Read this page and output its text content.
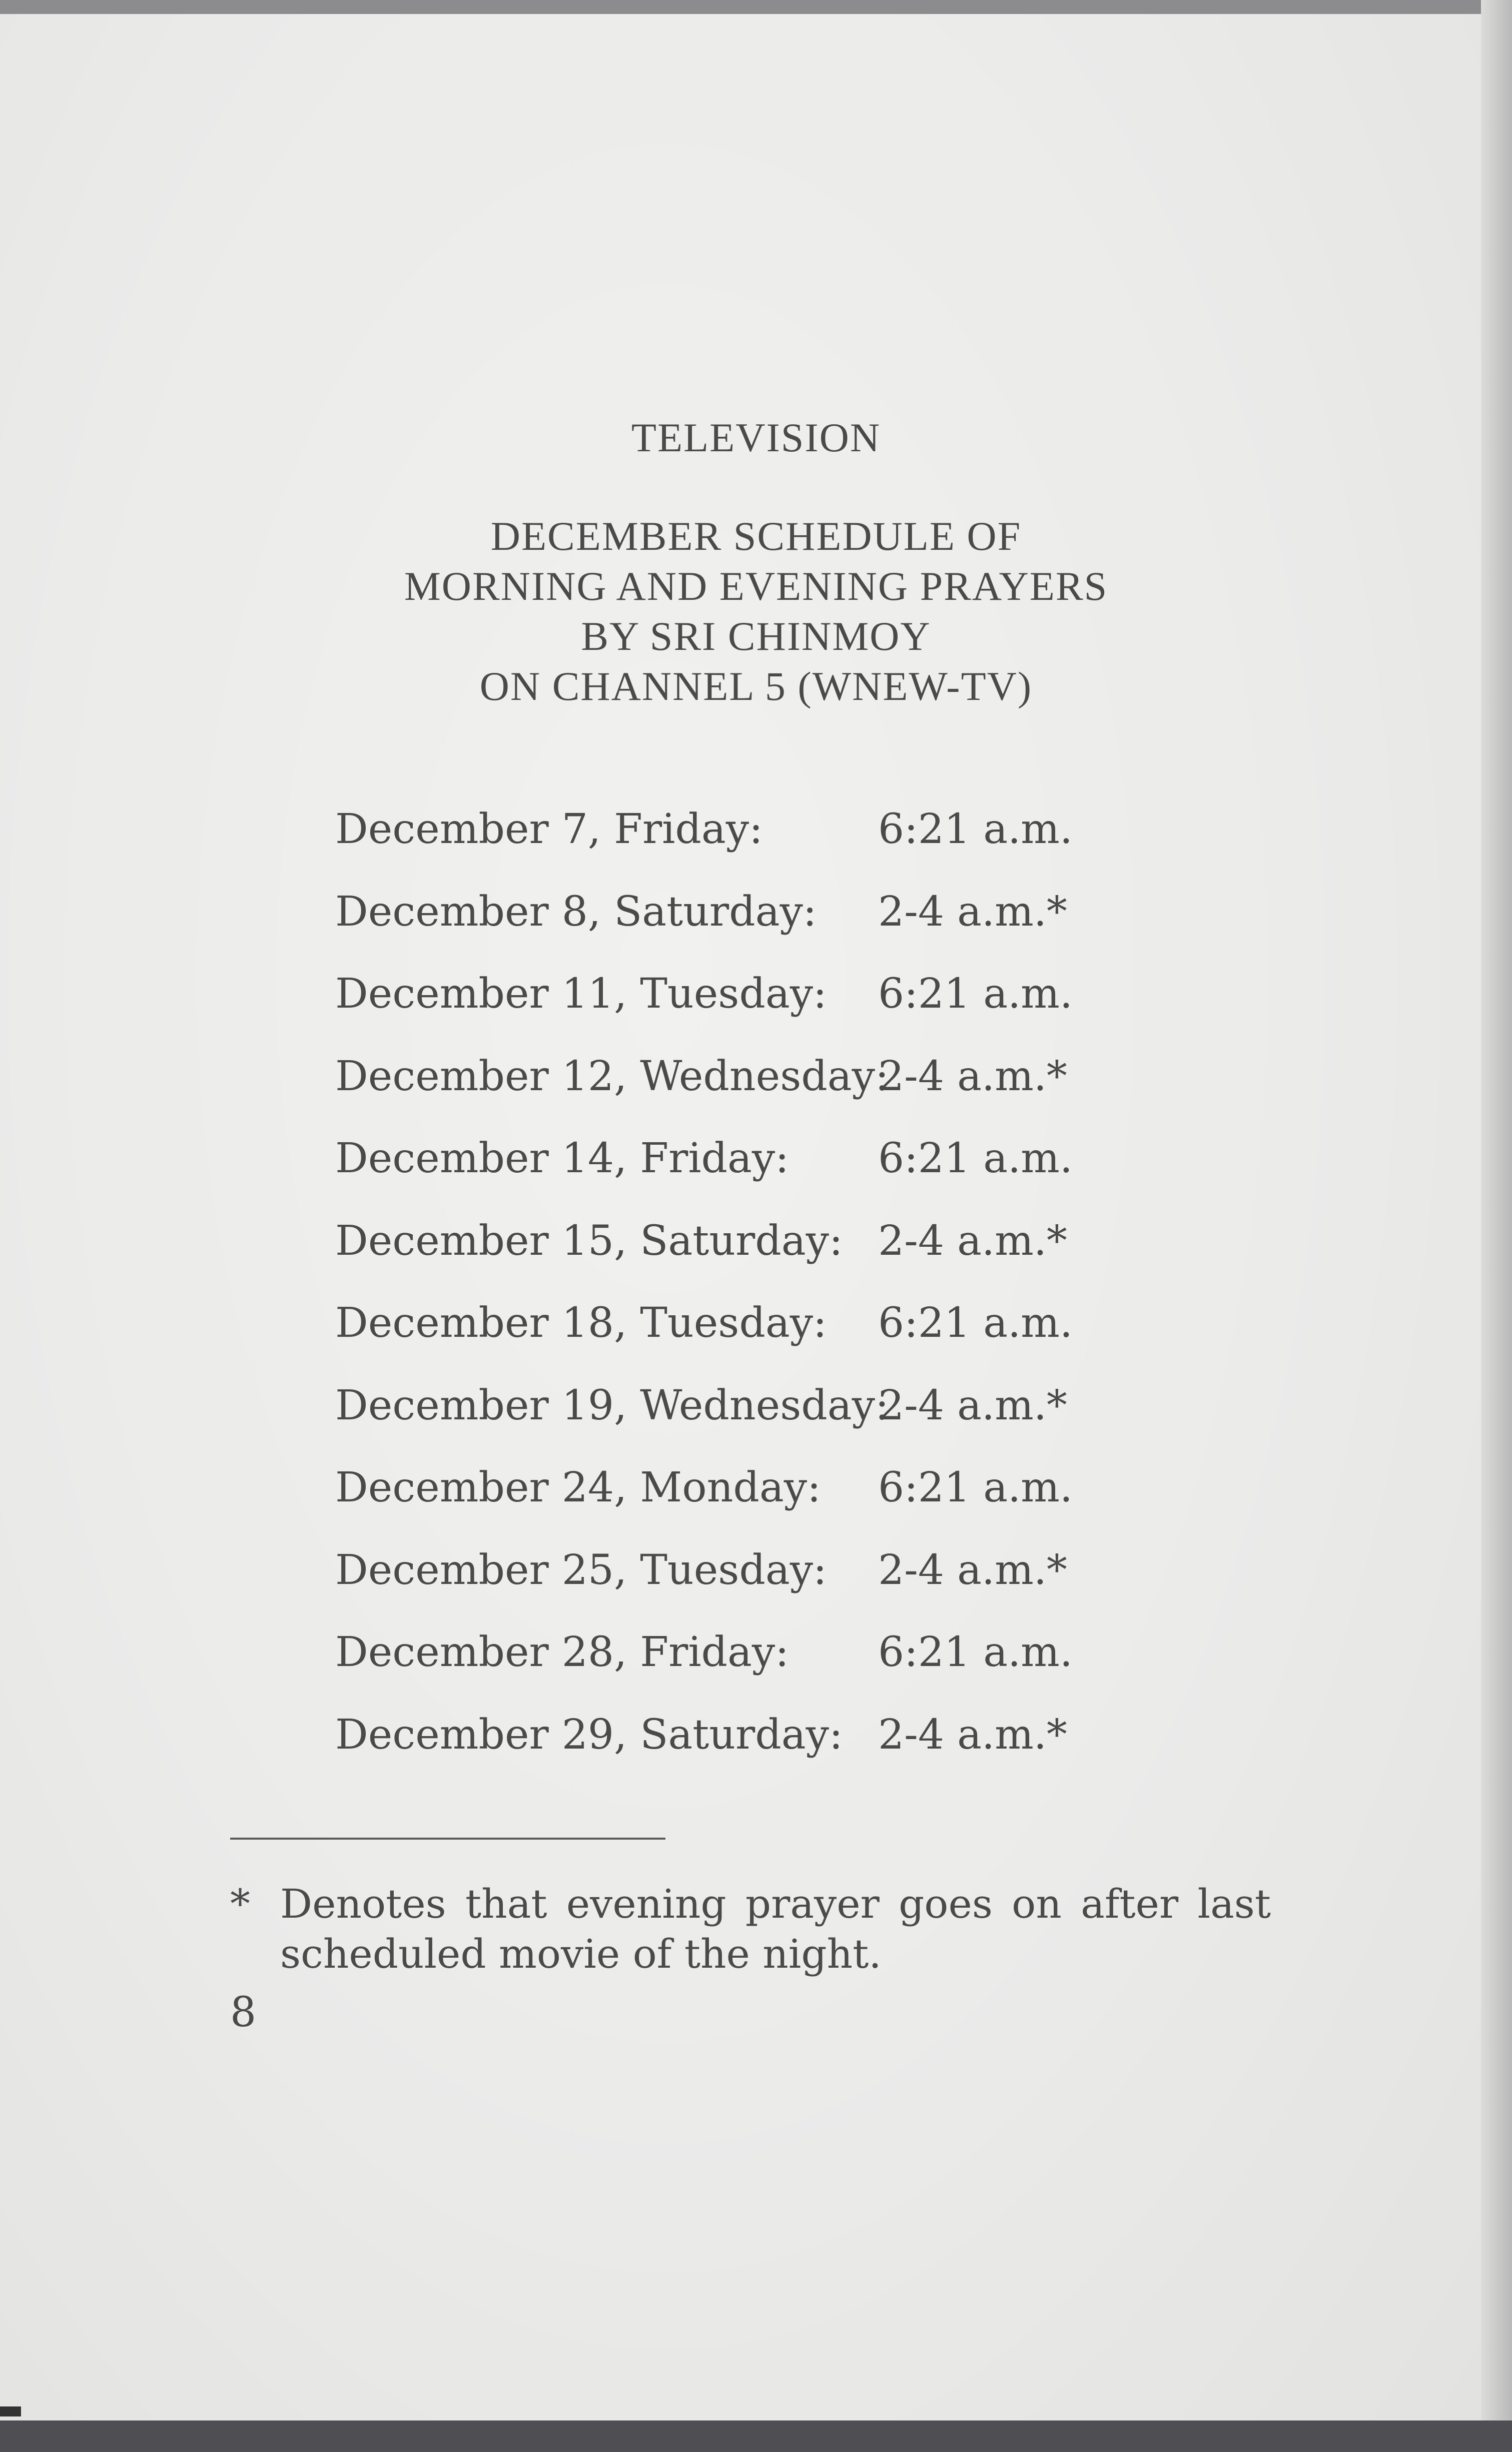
TELEVISION
DECEMBER SCHEDULE OF
MORNING AND EVENING PRAYERS
BY SRI CHINMOY
ON CHANNEL 5 (WNEW-TV)
December 7, Friday:	6:21 a.m.
December 8, Saturday: 2-4 a.m.*
December 11, Tuesday: 6:21 a.m.
December 12, Wednesday:
2-4 a.m.*
December 14, Friday: 6:21 a.m.
December 15, Saturday: 2-4 a.m.*
December 18, Tuesday: 6:21 a.m.
December 19, Wednesday:
2-4 a.m.*
December 24, Monday: 6:21 a.m.
December 25, Tuesday: 2-4 a.m.*
December 28, Friday: 6:21 a.m.
December 29, Saturday: 2-4 a.m.*
* Denotes that evening prayer goes on after last scheduled movie of the night.
8
